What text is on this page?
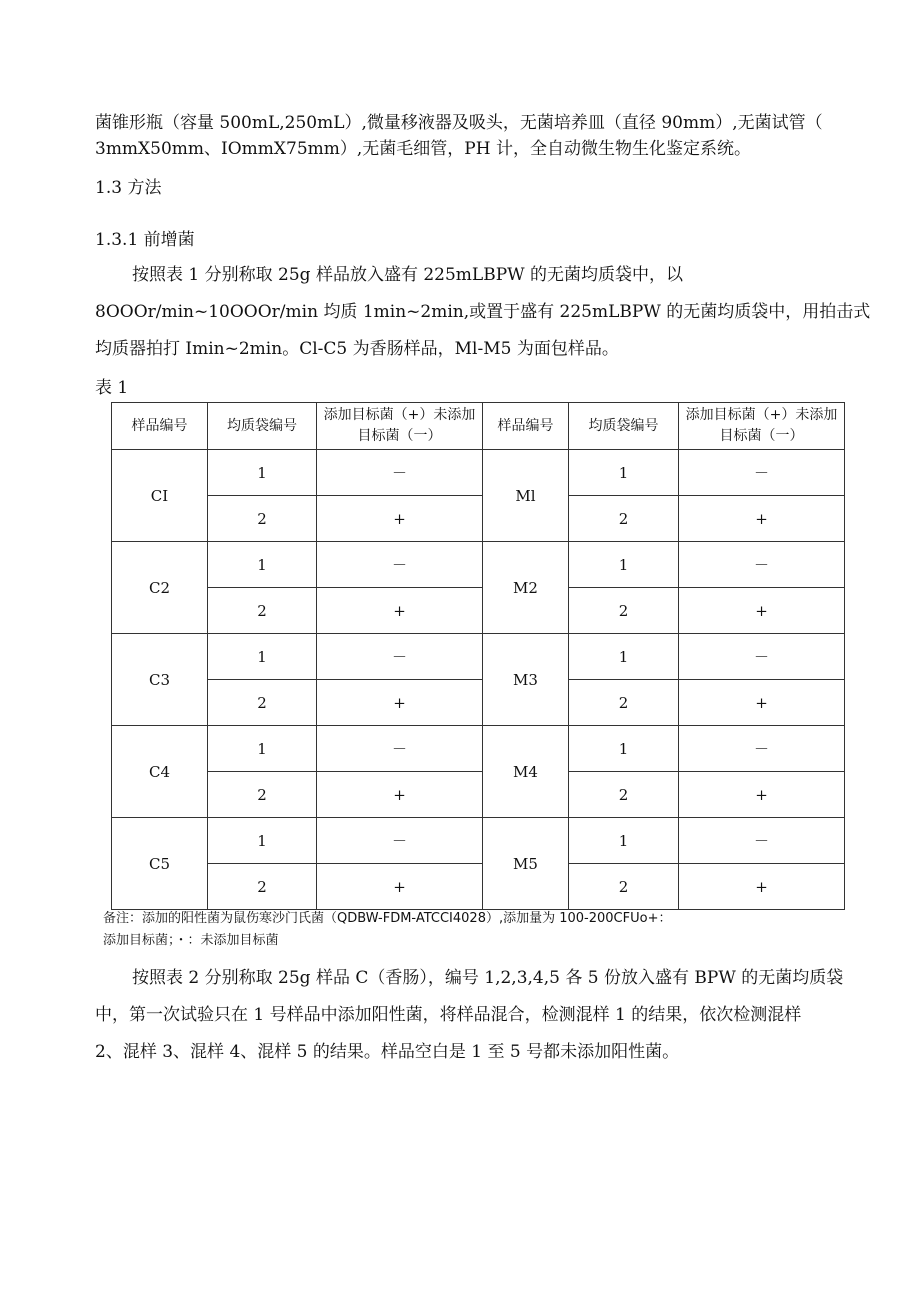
菌锥形瓶（容量 500mL,250mL）,微量移液器及吸头，无菌培养皿（直径 90mm）,无菌试管（
3mmX50mm、IOmmX75mm）,无菌毛细管，PH 计，全自动微生物生化鉴定系统。
1.3 方法
1.3.1 前增菌
按照表 1 分别称取 25g 样品放入盛有 225mLBPW 的无菌均质袋中，以
8OOOr/min~10OOOr/min 均质 1min~2min,或置于盛有 225mLBPW 的无菌均质袋中，用拍击式
均质器拍打 Imin~2min。Cl-C5 为香肠样品，Ml-M5 为面包样品。
表 1
样品编号	均质袋编号	添加目标菌（+）未添加
目标菌（一）	样品编号	均质袋编号	添加目标菌（+）未添加
目标菌（一）
CI	1	－	Ml	1	－
	2	+		2	+
C2	1	－	M2	1	－
	2	+		2	+
C3	1	－	M3	1	－
	2	+		2	+
C4	1	－	M4	1	－
	2	+		2	+
C5	1	－	M5	1	－
	2	+		2	+
备注：添加的阳性菌为鼠伤寒沙门氏菌（QDBW-FDM-ATCCI4028）,添加量为 100-200CFUo+：
添加目标菌；・：未添加目标菌
按照表 2 分别称取 25g 样品 C（香肠），编号 1,2,3,4,5 各 5 份放入盛有 BPW 的无菌均质袋
中，第一次试验只在 1 号样品中添加阳性菌，将样品混合，检测混样 1 的结果，依次检测混样
2、混样 3、混样 4、混样 5 的结果。样品空白是 1 至 5 号都未添加阳性菌。
